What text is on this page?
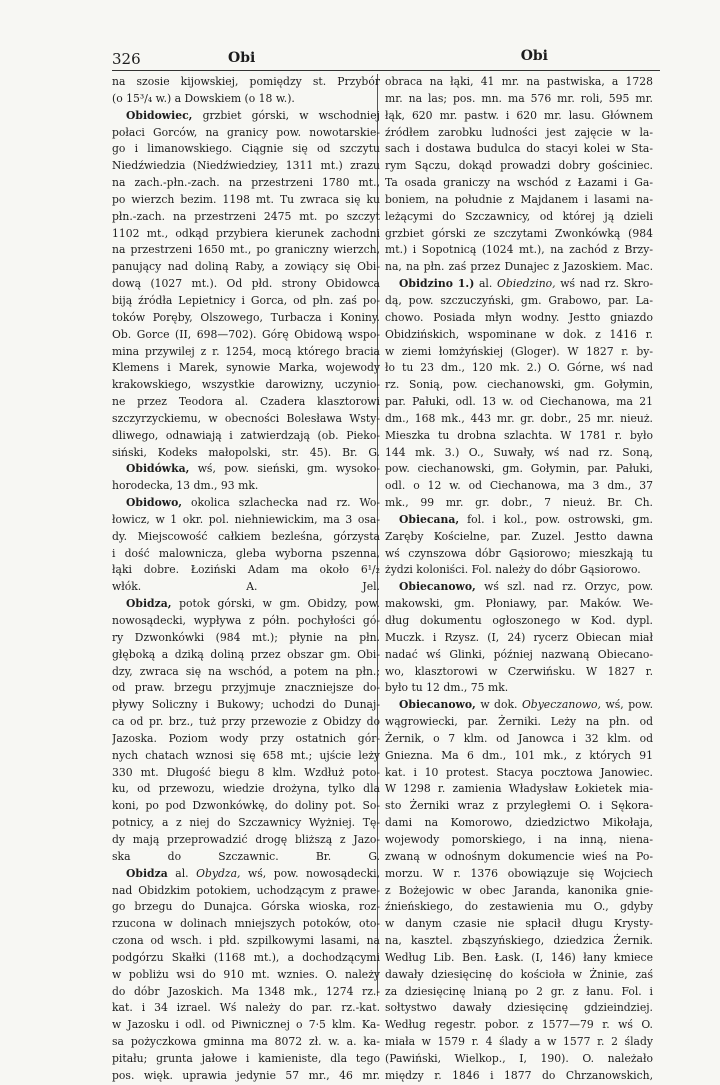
326	Obi	Obi
na szosie kijowskiej, pomiędzy st. Przybór
(o 15³/₄ w.) a Dowskiem (o 18 w.).
Obidowiec, grzbiet górski, w wschodniej
połaci Gorców, na granicy pow. nowotarskie-
go i limanowskiego. Ciągnie się od szczytu
Niedźwiedzia (Niedźwiedziey, 1311 mt.) zrazu
na zach.-płn.-zach. na przestrzeni 1780 mt.,
po wierzch bezim. 1198 mt. Tu zwraca się ku
płn.-zach. na przestrzeni 2475 mt. po szczyt
1102 mt., odkąd przybiera kierunek zachodni
na przestrzeni 1650 mt., po graniczny wierzch,
panujący nad doliną Raby, a zowiący się Obi-
dową (1027 mt.). Od płd. strony Obidowca
biją źródła Lepietnicy i Gorca, od płn. zaś po-
toków Poręby, Olszowego, Turbacza i Koniny.
Ob. Gorce (II, 698—702). Górę Obidową wspo-
mina przywilej z r. 1254, mocą którego bracia
Klemens i Marek, synowie Marka, wojewody
krakowskiego, wszystkie darowizny, uczynio-
ne przez Teodora al. Czadera klasztorowi
szczyrzyckiemu, w obecności Bolesława Wsty-
dliwego, odnawiają i zatwierdzają (ob. Pieko-
siński, Kodeks małopolski, str. 45). Br. G.
Obidówka, wś, pow. sieński, gm. wysoko-
horodecka, 13 dm., 93 mk.
Obidowo, okolica szlachecka nad rz. Wo-
łowicz, w 1 okr. pol. niehniewickim, ma 3 osa-
dy. Miejscowość całkiem bezleśna, górzysta
i dość malownicza, gleba wyborna pszenna,
łąki dobre. Łoziński Adam ma około 6¹/₂
włók. A. Jel.
Obidza, potok górski, w gm. Obidzy, pow.
nowosądecki, wypływa z półn. pochyłości gó-
ry Dzwonkówki (984 mt.); płynie na płn.
głęboką a dziką doliną przez obszar gm. Obi-
dzy, zwraca się na wschód, a potem na płn.;
od praw. brzegu przyjmuje znaczniejsze do-
pływy Soliczny i Bukowy; uchodzi do Dunaj-
ca od pr. brz., tuż przy przewozie z Obidzy do
Jazoska. Poziom wody przy ostatnich gór-
nych chatach wznosi się 658 mt.; ujście leży
330 mt. Długość biegu 8 klm. Wzdłuż poto-
ku, od przewozu, wiedzie drożyna, tylko dla
koni, po pod Dzwonkówkę, do doliny pot. So-
potnicy, a z niej do Szczawnicy Wyżniej. Tę-
dy mają przeprowadzić drogę bliższą z Jazo-
ska do Szczawnic. Br. G.
Obidza al. Obydza, wś, pow. nowosądecki,
nad Obidzkim potokiem, uchodzącym z prawe-
go brzegu do Dunajca. Górska wioska, roz-
rzucona w dolinach mniejszych potoków, oto-
czona od wsch. i płd. szpilkowymi lasami, na
podgórzu Skałki (1168 mt.), a dochodzącymi
w pobliżu wsi do 910 mt. wznies. O. należy
do dóbr Jazoskich. Ma 1348 mk., 1274 rz.-
kat. i 34 izrael. Wś należy do par. rz.-kat.
w Jazosku i odl. od Piwnicznej o 7·5 klm. Ka-
sa pożyczkowa gminna ma 8072 zł. w. a. ka-
pitału; grunta jałowe i kamieniste, dla tego
pos. więk. uprawia jedynie 57 mr., 46 mr.
obraca na łąki, 41 mr. na pastwiska, a 1728
mr. na las; pos. mn. ma 576 mr. roli, 595 mr.
łąk, 620 mr. pastw. i 620 mr. lasu. Głównem
źródłem zarobku ludności jest zajęcie w la-
sach i dostawa budulca do stacyi kolei w Sta-
rym Sączu, dokąd prowadzi dobry gościniec.
Ta osada graniczy na wschód z Łazami i Ga-
boniem, na południe z Majdanem i lasami na-
leżącymi do Szczawnicy, od której ją dzieli
grzbiet górski ze szczytami Zwonkówką (984
mt.) i Sopotnicą (1024 mt.), na zachód z Brzy-
na, na płn. zaś przez Dunajec z Jazoskiem. Mac.
Obidzino 1.) al. Obiedzino, wś nad rz. Skro-
dą, pow. szczuczyński, gm. Grabowo, par. La-
chowo. Posiada młyn wodny. Jestto gniazdo
Obidzińskich, wspominane w dok. z 1416 r.
w ziemi łomżyńskiej (Gloger). W 1827 r. by-
ło tu 23 dm., 120 mk. 2.) O. Górne, wś nad
rz. Sonią, pow. ciechanowski, gm. Gołymin,
par. Pałuki, odl. 13 w. od Ciechanowa, ma 21
dm., 168 mk., 443 mr. gr. dobr., 25 mr. nieuż.
Mieszka tu drobna szlachta. W 1781 r. było
144 mk. 3.) O., Suwały, wś nad rz. Soną,
pow. ciechanowski, gm. Gołymin, par. Pałuki,
odl. o 12 w. od Ciechanowa, ma 3 dm., 37
mk., 99 mr. gr. dobr., 7 nieuż. Br. Ch.
Obiecana, fol. i kol., pow. ostrowski, gm.
Zaręby Kościelne, par. Zuzel. Jestto dawna
wś czynszowa dóbr Gąsiorowo; mieszkają tu
żydzi koloniści. Fol. należy do dóbr Gąsiorowo.
Obiecanowo, wś szl. nad rz. Orzyc, pow.
makowski, gm. Płoniawy, par. Maków. We-
dług dokumentu ogłoszonego w Kod. dypl.
Muczk. i Rzysz. (I, 24) rycerz Obiecan miał
nadać wś Glinki, później nazwaną Obiecano-
wo, klasztorowi w Czerwińsku. W 1827 r.
było tu 12 dm., 75 mk.
Obiecanowo, w dok. Obyeczanowo, wś, pow.
wągrowiecki, par. Żerniki. Leży na płn. od
Żernik, o 7 klm. od Janowca i 32 klm. od
Gniezna. Ma 6 dm., 101 mk., z których 91
kat. i 10 protest. Stacya pocztowa Janowiec.
W 1298 r. zamienia Władysław Łokietek mia-
sto Żerniki wraz z przyległemi O. i Sękora-
dami na Komorowo, dziedzictwo Mikołaja,
wojewody pomorskiego, i na inną, niena-
zwaną w odnośnym dokumencie wieś na Po-
morzu. W r. 1376 obowiązuje się Wojciech
z Bożejowic w obec Jaranda, kanonika gnie-
źnieńskiego, do zestawienia mu O., gdyby
w danym czasie nie spłacił długu Krysty-
na, kasztel. zbąszyńskiego, dziedzica Żernik.
Według Lib. Ben. Łask. (I, 146) łany kmiece
dawały dziesięcinę do kościoła w Żninie, zaś
za dziesięcinę lnianą po 2 gr. z łanu. Fol. i
sołtystwo dawały dziesięcinę gdzieindziej.
Według regestr. pobor. z 1577—79 r. wś O.
miała w 1579 r. 4 ślady a w 1577 r. 2 ślady
(Pawiński, Wielkop., I, 190). O. należało
między r. 1846 i 1877 do Chrzanowskich,
